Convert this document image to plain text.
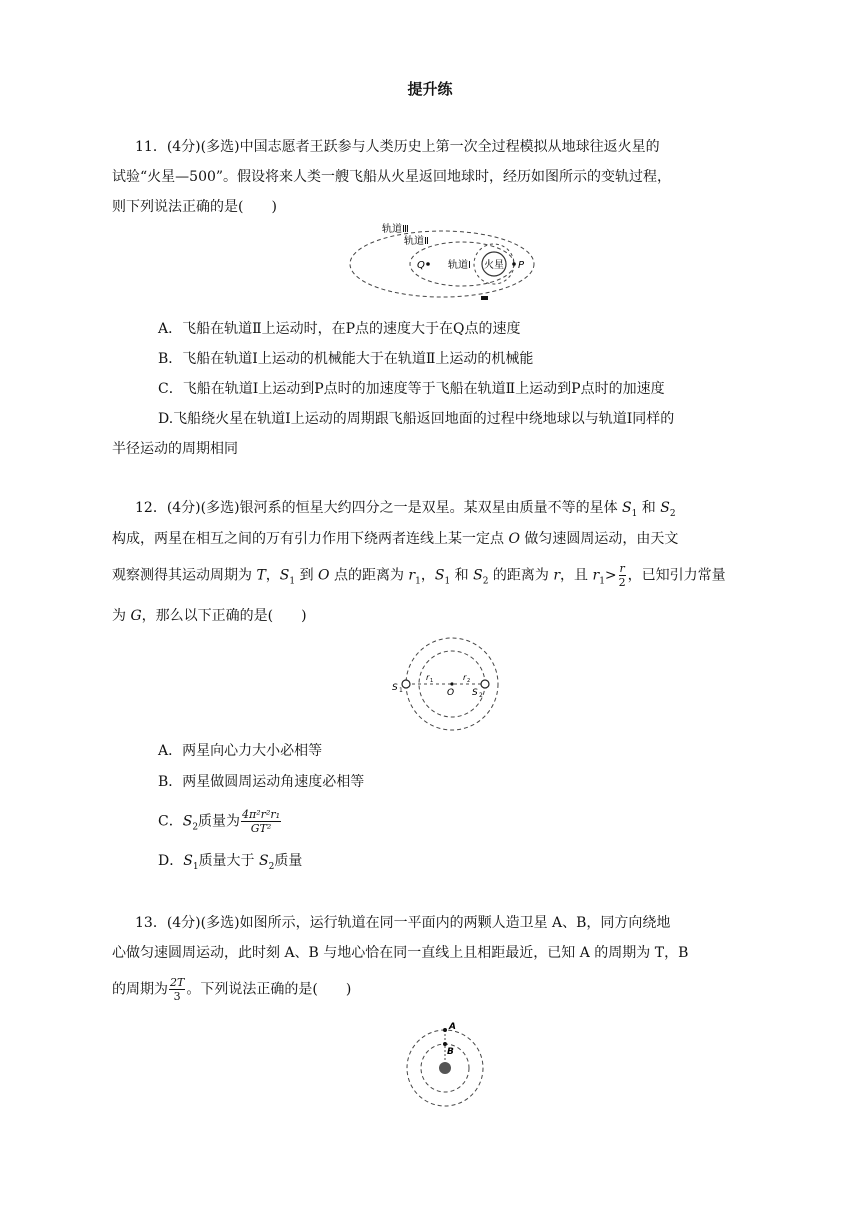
提升练
11．(4分)(多选)中国志愿者王跃参与人类历史上第一次全过程模拟从地球往返火星的
试验“火星—500”。假设将来人类一艘飞船从火星返回地球时，经历如图所示的变轨过程，
则下列说法正确的是( )
火星
轨道Ⅲ
轨道Ⅱ
轨道Ⅰ
Q	P
A．飞船在轨道Ⅱ上运动时，在P点的速度大于在Q点的速度
B．飞船在轨道Ⅰ上运动的机械能大于在轨道Ⅱ上运动的机械能
C．飞船在轨道Ⅰ上运动到P点时的加速度等于飞船在轨道Ⅱ上运动到P点时的加速度
D.飞船绕火星在轨道Ⅰ上运动的周期跟飞船返回地面的过程中绕地球以与轨道Ⅰ同样的
半径运动的周期相同
12．(4分)(多选)银河系的恒星大约四分之一是双星。某双星由质量不等的星体 $S_1$ 和 $S_2$
构成，两星在相互之间的万有引力作用下绕两者连线上某一定点 O 做匀速圆周运动，由天文
观察测得其运动周期为 T，$S_1$ 到 O 点的距离为 $r_1$，$S_1$ 和 $S_2$ 的距离为 r，且 $r_1> \frac{r}{2}$ ，已知引力常量
为 G，那么以下正确的是( )
O
S 1	S 2
r 1	r 2
A．两星向心力大小必相等
B．两星做圆周运动角速度必相等
C．$S_2$质量为 $\frac{\text{4π²r²r₁}}{\text{GT²}}$
D．$S_1$质量大于 $S_2$质量
13．(4分)(多选)如图所示，运行轨道在同一平面内的两颗人造卫星 A、B，同方向绕地
心做匀速圆周运动，此时刻 A、B 与地心恰在同一直线上且相距最近，已知 A 的周期为 T，B
的周期为 $\frac{2T}{3}$ 。下列说法正确的是( )
A
B
